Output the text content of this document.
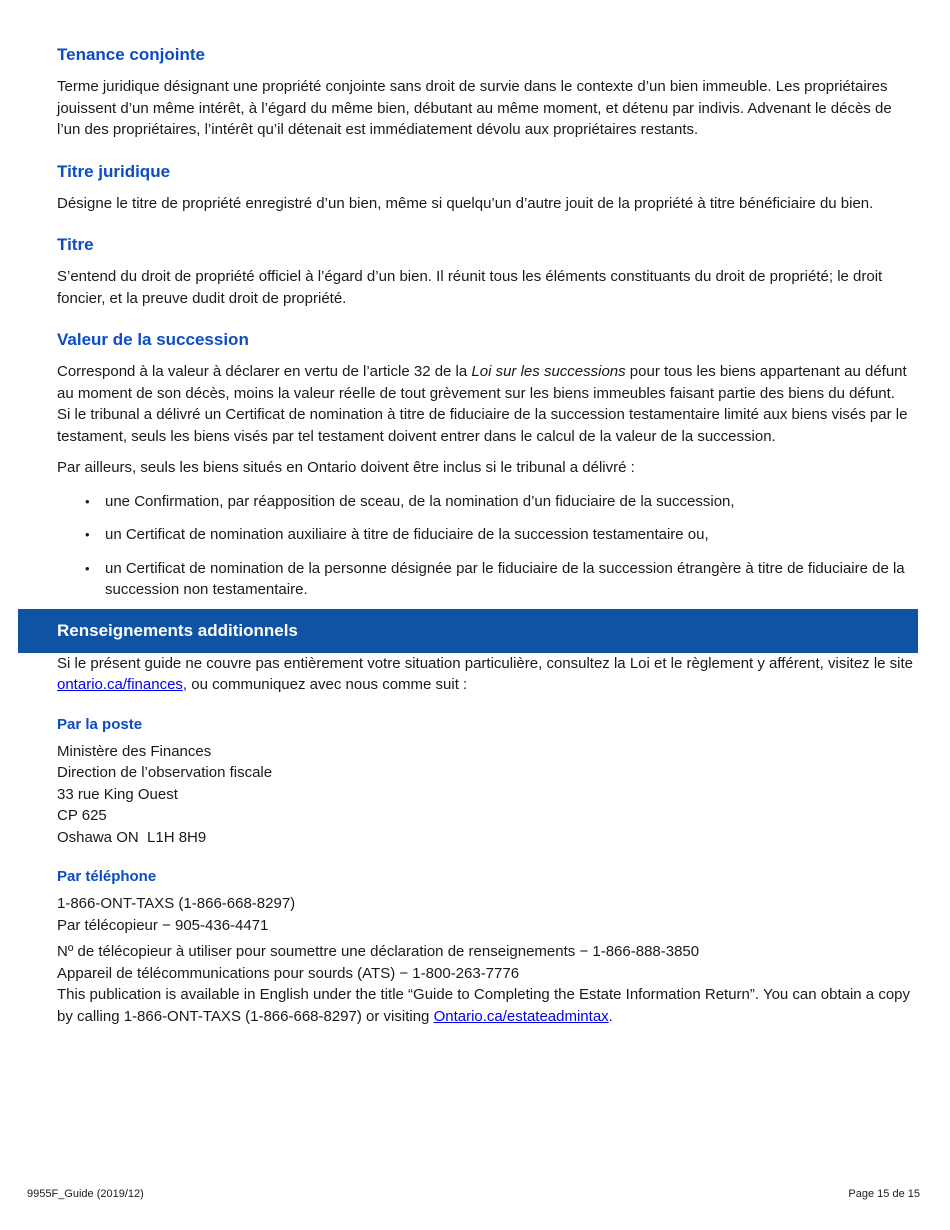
Tenance conjointe

Terme juridique désignant une propriété conjointe sans droit de survie dans le contexte d’un bien immeuble. Les propriétaires jouissent d’un même intérêt, à l’égard du même bien, débutant au même moment, et détenu par indivis. Advenant le décès de l’un des propriétaires, l’intérêt qu’il détenait est immédiatement dévolu aux propriétaires restants.

Titre juridique

Désigne le titre de propriété enregistré d’un bien, même si quelqu’un d’autre jouit de la propriété à titre bénéficiaire du bien.

Titre

S’entend du droit de propriété officiel à l’égard d’un bien. Il réunit tous les éléments constituants du droit de propriété; le droit foncier, et la preuve dudit droit de propriété.

Valeur de la succession

Correspond à la valeur à déclarer en vertu de l’article 32 de la Loi sur les successions pour tous les biens appartenant au défunt au moment de son décès, moins la valeur réelle de tout grèvement sur les biens immeubles faisant partie des biens du défunt.

Si le tribunal a délivré un Certificat de nomination à titre de fiduciaire de la succession testamentaire limité aux biens visés par le testament, seuls les biens visés par tel testament doivent entrer dans le calcul de la valeur de la succession.

Par ailleurs, seuls les biens situés en Ontario doivent être inclus si le tribunal a délivré :

• une Confirmation, par réapposition de sceau, de la nomination d’un fiduciaire de la succession,
• un Certificat de nomination auxiliaire à titre de fiduciaire de la succession testamentaire ou,
• un Certificat de nomination de la personne désignée par le fiduciaire de la succession étrangère à titre de fiduciaire de la succession non testamentaire.
Renseignements additionnels

Si le présent guide ne couvre pas entièrement votre situation particulière, consultez la Loi et le règlement y afférent, visitez le site ontario.ca/finances, ou communiquez avec nous comme suit :

Par la poste
Ministère des Finances
Direction de l’observation fiscale
33 rue King Ouest
CP 625
Oshawa ON  L1H 8H9
Par téléphone
1-866-ONT-TAXS (1-866-668-8297)
Par télécopieur − 905-436-4471
Nº de télécopieur à utiliser pour soumettre une déclaration de renseignements − 1-866-888-3850
Appareil de télécommunications pour sourds (ATS) − 1-800-263-7776

This publication is available in English under the title “Guide to Completing the Estate Information Return”. You can obtain a copy by calling 1-866-ONT-TAXS (1-866-668-8297) or visiting Ontario.ca/estateadmintax.

9955F_Guide (2019/12)	Page 15 de 15
